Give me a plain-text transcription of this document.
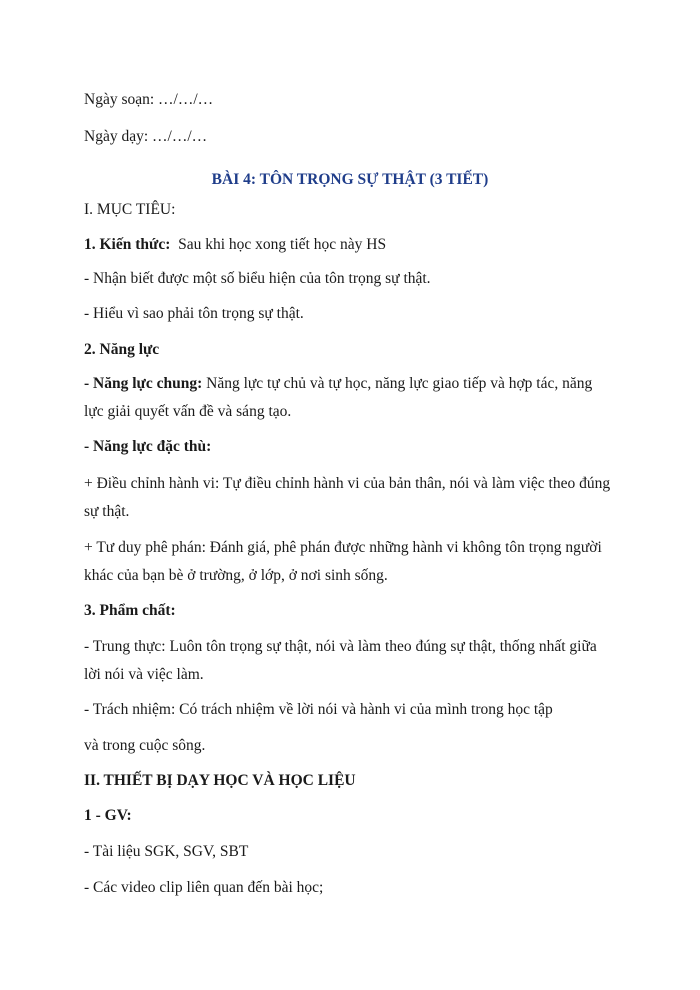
Ngày soạn: …/…/…
Ngày dạy: …/…/…
BÀI 4: TÔN TRỌNG SỰ THẬT (3 TIẾT)
I. MỤC TIÊU:
1. Kiến thức: Sau khi học xong tiết học này HS
- Nhận biết được một số biểu hiện của tôn trọng sự thật.
- Hiểu vì sao phải tôn trọng sự thật.
2. Năng lực
- Năng lực chung: Năng lực tự chủ và tự học, năng lực giao tiếp và hợp tác, năng
lực giải quyết vấn đề và sáng tạo.
- Năng lực đặc thù:
+ Điều chỉnh hành vi: Tự điều chỉnh hành vi của bản thân, nói và làm việc theo đúng
sự thật.
+ Tư duy phê phán: Đánh giá, phê phán được những hành vi không tôn trọng người
khác của bạn bè ở trường, ở lớp, ở nơi sinh sống.
3. Phẩm chất:
- Trung thực: Luôn tôn trọng sự thật, nói và làm theo đúng sự thật, thống nhất giữa
lời nói và việc làm.
- Trách nhiệm: Có trách nhiệm về lời nói và hành vi của mình trong học tập
và trong cuộc sông.
II. THIẾT BỊ DẠY HỌC VÀ HỌC LIỆU
1 - GV:
- Tài liệu SGK, SGV, SBT
- Các video clip liên quan đến bài học;
